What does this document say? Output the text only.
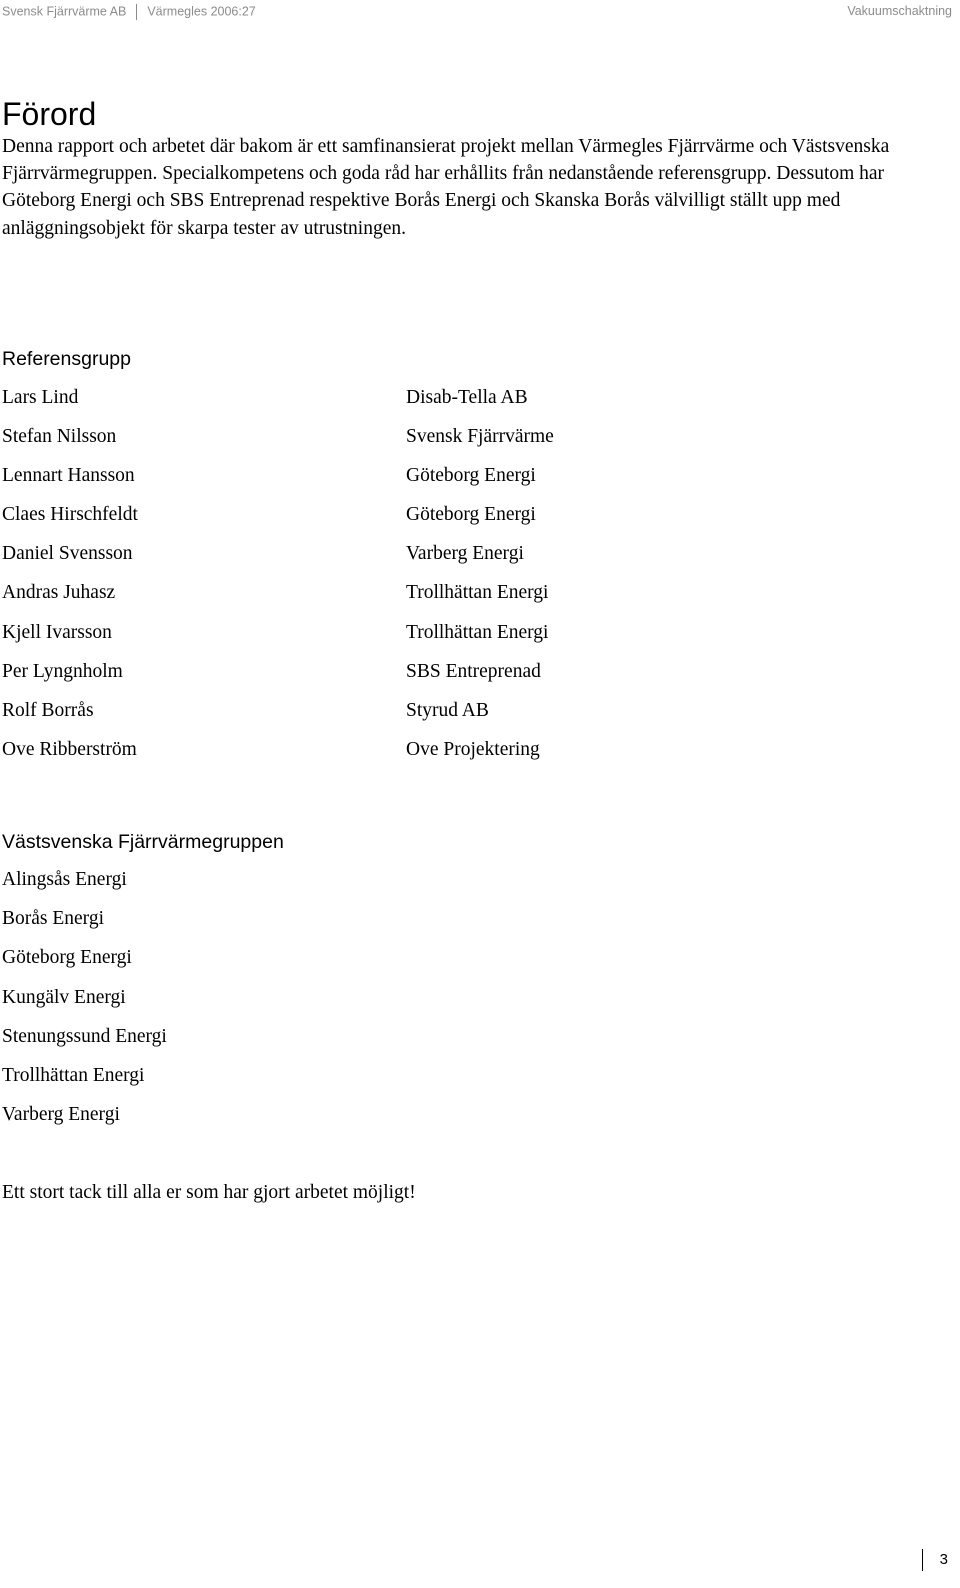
Svensk Fjärrvärme AB Värmegles 2006:27	Vakuumschaktning
Förord

Denna rapport och arbetet där bakom är ett samfinansierat projekt mellan Värmegles Fjärrvärme och Västsvenska Fjärrvärmegruppen. Specialkompetens och goda råd har erhållits från nedanstående referensgrupp. Dessutom har Göteborg Energi och SBS Entreprenad respektive Borås Energi och Skanska Borås välvilligt ställt upp med anläggningsobjekt för skarpa tester av utrustningen.

Referensgrupp
Lars Lind	Disab-Tella AB
Stefan Nilsson	Svensk Fjärrvärme
Lennart Hansson	Göteborg Energi
Claes Hirschfeldt	Göteborg Energi
Daniel Svensson	Varberg Energi
Andras Juhasz	Trollhättan Energi
Kjell Ivarsson	Trollhättan Energi
Per Lyngnholm	SBS Entreprenad
Rolf Borrås	Styrud AB
Ove Ribberström	Ove Projektering
Västsvenska Fjärrvärmegruppen
Alingsås Energi
Borås Energi
Göteborg Energi
Kungälv Energi
Stenungssund Energi
Trollhättan Energi
Varberg Energi

Ett stort tack till alla er som har gjort arbetet möjligt!

3
